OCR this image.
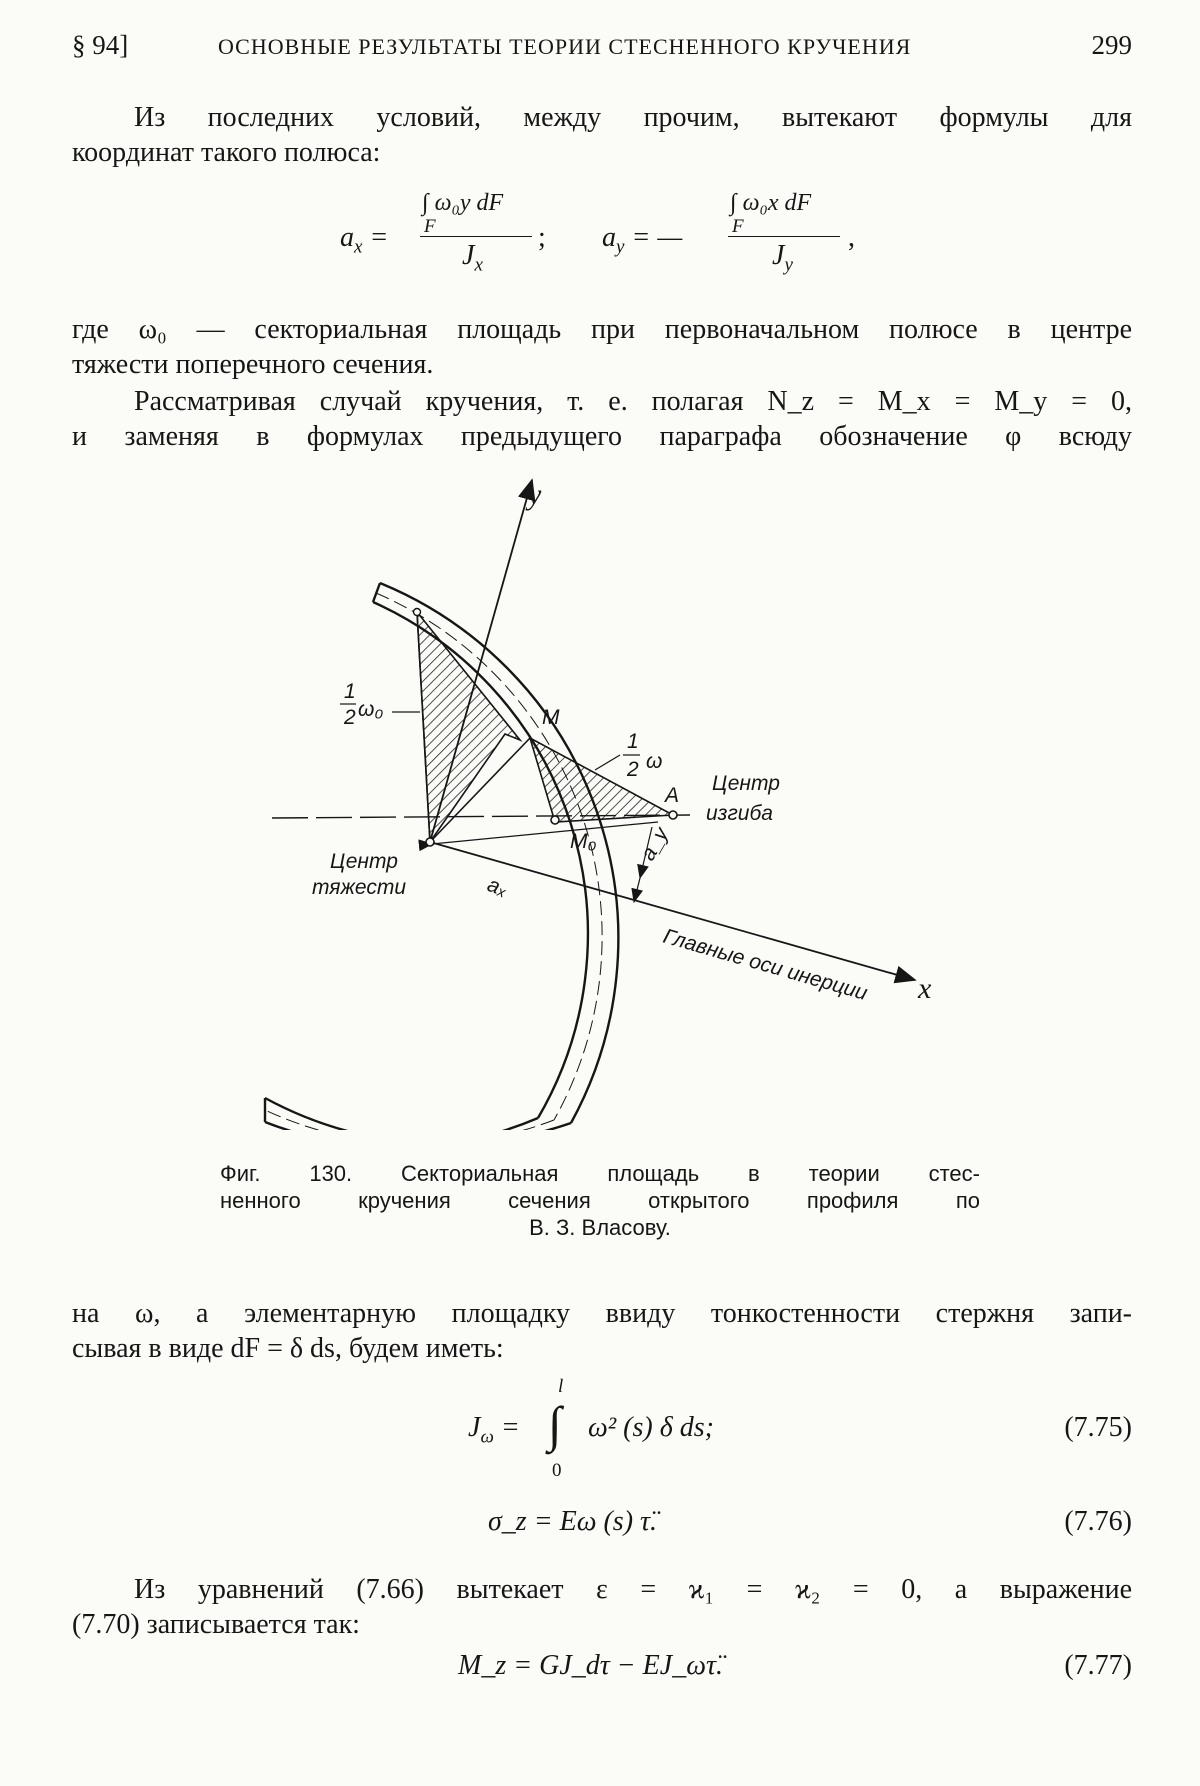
§ 94]	ОСНОВНЫЕ РЕЗУЛЬТАТЫ ТЕОРИИ СТЕСНЕННОГО КРУЧЕНИЯ	299
Из последних условий, между прочим, вытекают формулы для
координат такого полюса:
$a_x$ =
∫ ω₀y dF
F
$J_x$
; $a_y$ = —
∫ ω₀x dF
F
$J_y$
,
где ω₀ — секториальная площадь при первоначальном полюсе в центре
тяжести поперечного сечения.
Рассматривая случай кручения, т. е. полагая N_z = M_x = M_y = 0,
и заменяя в формулах предыдущего параграфа обозначение φ всюду
y
x
1
2 ω₀
1
2 ω
M
M₀
A
Центр
изгиба
Центр
тяжести	aₓ
a_y
Главные оси инерции
Фиг. 130. Секториальная площадь в теории стес-
ненного кручения сечения открытого профиля по
В. З. Власову.
на ω, а элементарную площадку ввиду тонкостенности стержня запи-
сывая в виде dF = δ ds, будем иметь:
$J_\omega$ =
l
∫
0
ω² (s) δ ds;	(7.75)
σ_z = Eω (s) τ̈.	(7.76)
Из уравнений (7.66) вытекает ε = ϰ₁ = ϰ₂ = 0, а выражение
(7.70) записывается так:
M_z = GJ_dτ − EJ_ωτ̈.	(7.77)
